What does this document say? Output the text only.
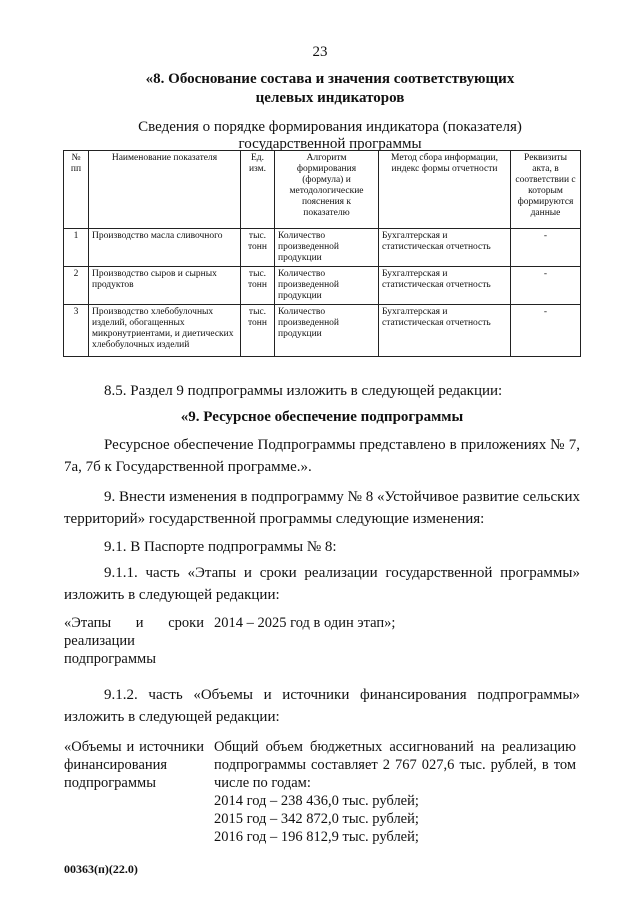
23
«8. Обоснование состава и значения соответствующих
целевых индикаторов
Сведения о порядке формирования индикатора (показателя)
государственной программы
№ пп	Наименование показателя	Ед. изм.	Алгоритм формирования (формула) и методологические пояснения к показателю	Метод сбора информации, индекс формы отчетности	Реквизиты акта, в соответствии с которым формируются данные
1	Производство масла сливочного	тыс. тонн	Количество произведенной продукции	Бухгалтерская и статистическая отчетность	-
2	Производство сыров и сырных продуктов	тыс. тонн	Количество произведенной продукции	Бухгалтерская и статистическая отчетность	-
3	Производство хлебобулочных изделий, обогащенных микронутриентами, и диетических хлебобулочных изделий	тыс. тонн	Количество произведенной продукции	Бухгалтерская и статистическая отчетность	-
8.5. Раздел 9 подпрограммы изложить в следующей редакции:
«9. Ресурсное обеспечение подпрограммы
Ресурсное обеспечение Подпрограммы представлено в приложениях № 7, 7а, 7б к Государственной программе.».
9. Внести изменения в подпрограмму № 8 «Устойчивое развитие сельских территорий» государственной программы следующие изменения:
9.1. В Паспорте подпрограммы № 8:
9.1.1. часть «Этапы и сроки реализации государственной программы» изложить в следующей редакции:
«Этапы и сроки реализации подпрограммы
2014 – 2025 год в один этап»;
9.1.2. часть «Объемы и источники финансирования подпрограммы» изложить в следующей редакции:
«Объемы и источники финансирования подпрограммы
Общий объем бюджетных ассигнований на реализацию подпрограммы составляет 2 767 027,6 тыс. рублей, в том числе по годам:
2014 год – 238 436,0 тыс. рублей;
2015 год – 342 872,0 тыс. рублей;
2016 год – 196 812,9 тыс. рублей;
00363(п)(22.0)
